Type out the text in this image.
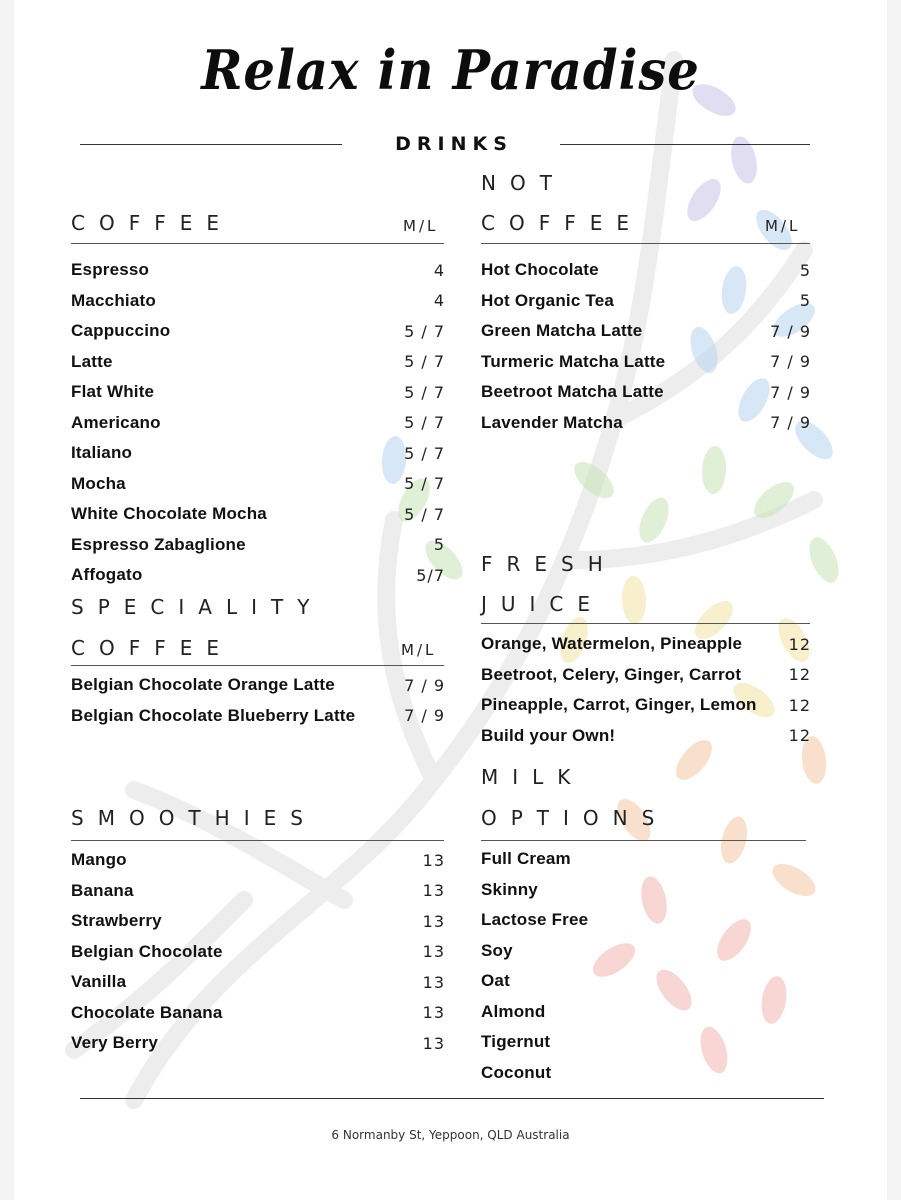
Relax in Paradise
DRINKS
COFFEE	M/L
Espresso	4
Macchiato	4
Cappuccino	5 / 7
Latte	5 / 7
Flat White	5 / 7
Americano	5 / 7
Italiano	5 / 7
Mocha	5 / 7
White Chocolate Mocha	5 / 7
Espresso Zabaglione	5
Affogato	5/7
SPECIALITY
COFFEE	M/L
Belgian Chocolate Orange Latte	7 / 9
Belgian Chocolate Blueberry Latte	7 / 9
SMOOTHIES
Mango	13
Banana	13
Strawberry	13
Belgian Chocolate	13
Vanilla	13
Chocolate Banana	13
Very Berry	13
NOT
COFFEE	M/L
Hot Chocolate	5
Hot Organic Tea	5
Green Matcha Latte	7 / 9
Turmeric Matcha Latte	7 / 9
Beetroot Matcha Latte	7 / 9
Lavender Matcha	7 / 9
FRESH
JUICE
Orange, Watermelon, Pineapple	12
Beetroot, Celery, Ginger, Carrot	12
Pineapple, Carrot, Ginger, Lemon 12
Build your Own!	12
MILK
OPTIONS
Full Cream
Skinny
Lactose Free
Soy
Oat
Almond
Tigernut
Coconut
6 Normanby St, Yeppoon, QLD Australia
